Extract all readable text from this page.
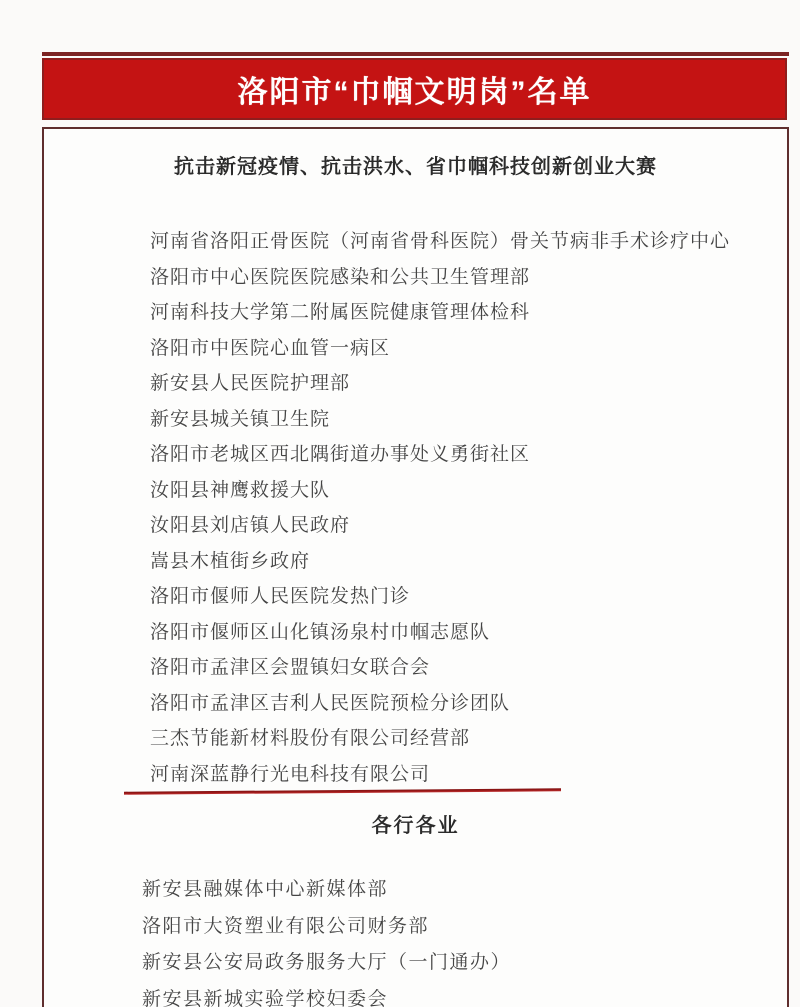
洛阳市“巾帼文明岗”名单
抗击新冠疫情、抗击洪水、省巾帼科技创新创业大赛
河南省洛阳正骨医院（河南省骨科医院）骨关节病非手术诊疗中心
洛阳市中心医院医院感染和公共卫生管理部
河南科技大学第二附属医院健康管理体检科
洛阳市中医院心血管一病区
新安县人民医院护理部
新安县城关镇卫生院
洛阳市老城区西北隅街道办事处义勇街社区
汝阳县神鹰救援大队
汝阳县刘店镇人民政府
嵩县木植街乡政府
洛阳市偃师人民医院发热门诊
洛阳市偃师区山化镇汤泉村巾帼志愿队
洛阳市孟津区会盟镇妇女联合会
洛阳市孟津区吉利人民医院预检分诊团队
三杰节能新材料股份有限公司经营部
河南深蓝静行光电科技有限公司
各行各业
新安县融媒体中心新媒体部
洛阳市大资塑业有限公司财务部
新安县公安局政务服务大厅（一门通办）
新安县新城实验学校妇委会
